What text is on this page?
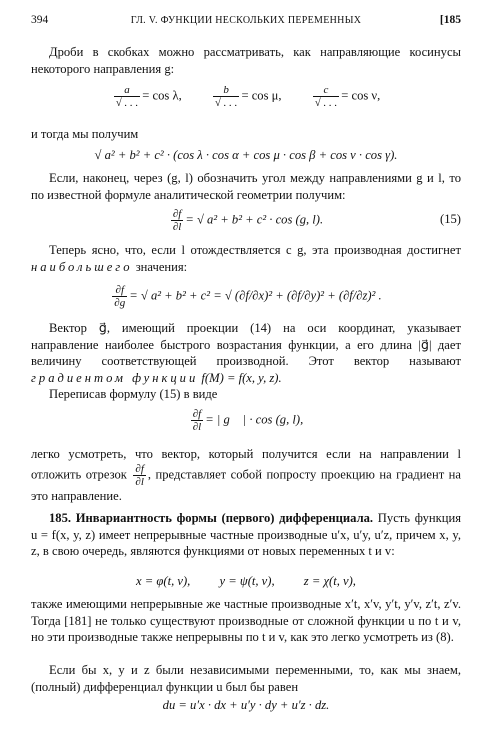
394	ГЛ. V. ФУНКЦИИ НЕСКОЛЬКИХ ПЕРЕМЕННЫХ	[185
Дроби в скобках можно рассматривать, как направляющие косинусы некоторого направления g:
$\frac{a}{√ . . .} = \cos \lambda$,	$\frac{b}{√ . . .} = \cos \mu$,	$\frac{c}{√ . . .} = \cos \nu$,
и тогда мы получим
√ a² + b² + c² · (cos λ · cos α + cos μ · cos β + cos ν · cos γ).
Если, наконец, через (g, l) обозначить угол между направлениями g и l, то по известной формуле аналитической геометрии получим:
$\frac{\partial f}{\partial l}$ = √ a² + b² + c² · cos (g, l).	(15)
Теперь ясно, что, если l отождествляется с g, эта производная достигнет наибольшего значения:
$\frac{\partial f}{\partial g}$ = √ a² + b² + c² = √ (∂f/∂x)² + (∂f/∂y)² + (∂f/∂z)² .
Вектор g⃗, имеющий проекции (14) на оси координат, указывает направление наиболее быстрого возрастания функции, а его длина |g⃗| дает величину соответствующей производной. Этот вектор называют градиентом функции f(M) = f(x, y, z).
Переписав формулу (15) в виде
$\frac{\partial f}{\partial l}$ = | g⃗ | · cos (g, l),
легко усмотреть, что вектор, который получится если на направлении l отложить отрезок $\frac{\partial f}{\partial l}$ , представляет собой попросту проекцию на градиент на это направление.
185. Инвариантность формы (первого) дифференциала. Пусть функция u = f(x, y, z) имеет непрерывные частные производные u′x, u′y, u′z, причем x, y, z, в свою очередь, являются функциями от новых переменных t и v:
x = φ(t, v), y = ψ(t, v), z = χ(t, v),
также имеющими непрерывные же частные производные x′t, x′v, y′t, y′v, z′t, z′v. Тогда [181] не только существуют производные от сложной функции u по t и v, но эти производные также непрерывны по t и v, как это легко усмотреть из (8).
Если бы x, y и z были независимыми переменными, то, как мы знаем, (полный) дифференциал функции u был бы равен
du = u′x · dx + u′y · dy + u′z · dz.
